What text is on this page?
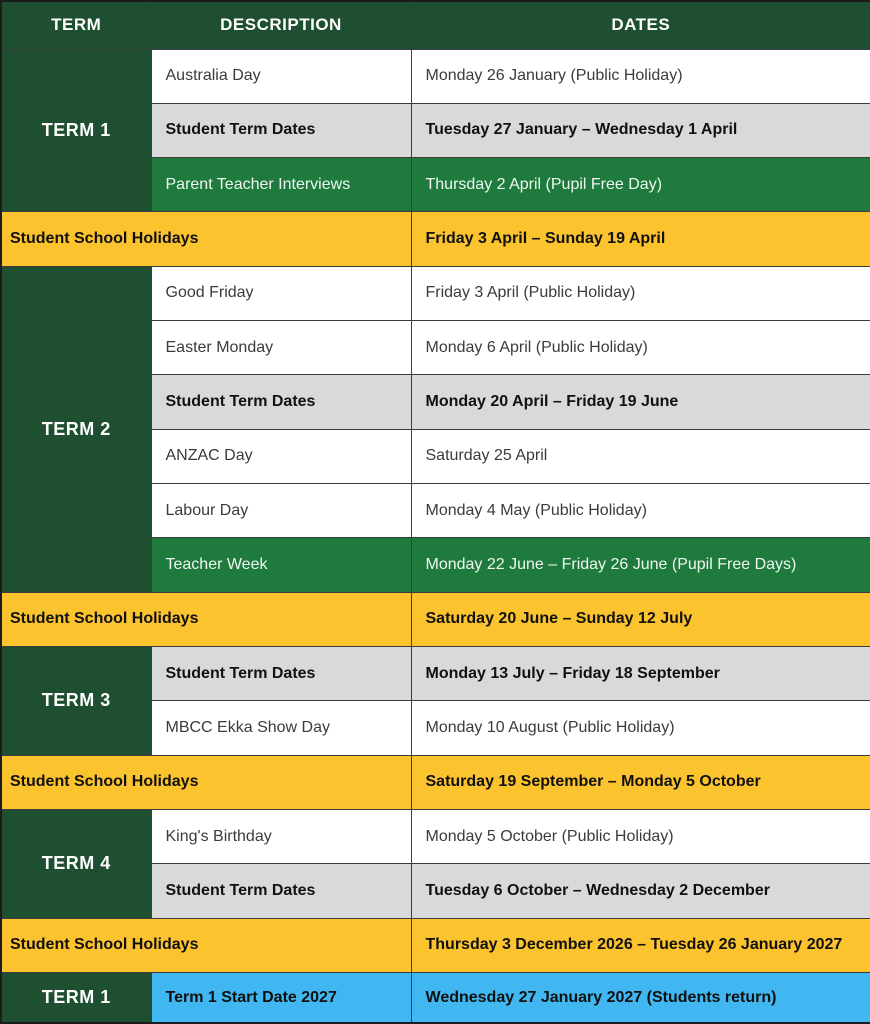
TERM	DESCRIPTION	DATES
TERM 1	Australia Day	Monday 26 January (Public Holiday)
	Student Term Dates	Tuesday 27 January – Wednesday 1 April
	Parent Teacher Interviews	Thursday 2 April (Pupil Free Day)
Student School Holidays		Friday 3 April – Sunday 19 April
TERM 2	Good Friday	Friday 3 April (Public Holiday)
	Easter Monday	Monday 6 April (Public Holiday)
	Student Term Dates	Monday 20 April – Friday 19 June
	ANZAC Day	Saturday 25 April
	Labour Day	Monday 4 May (Public Holiday)
	Teacher Week	Monday 22 June – Friday 26 June (Pupil Free Days)
Student School Holidays		Saturday 20 June – Sunday 12 July
TERM 3	Student Term Dates	Monday 13 July – Friday 18 September
	MBCC Ekka Show Day	Monday 10 August (Public Holiday)
Student School Holidays		Saturday 19 September – Monday 5 October
TERM 4	King's Birthday	Monday 5 October (Public Holiday)
	Student Term Dates	Tuesday 6 October – Wednesday 2 December
Student School Holidays		Thursday 3 December 2026 – Tuesday 26 January 2027
TERM 1	Term 1 Start Date 2027	Wednesday 27 January 2027 (Students return)
